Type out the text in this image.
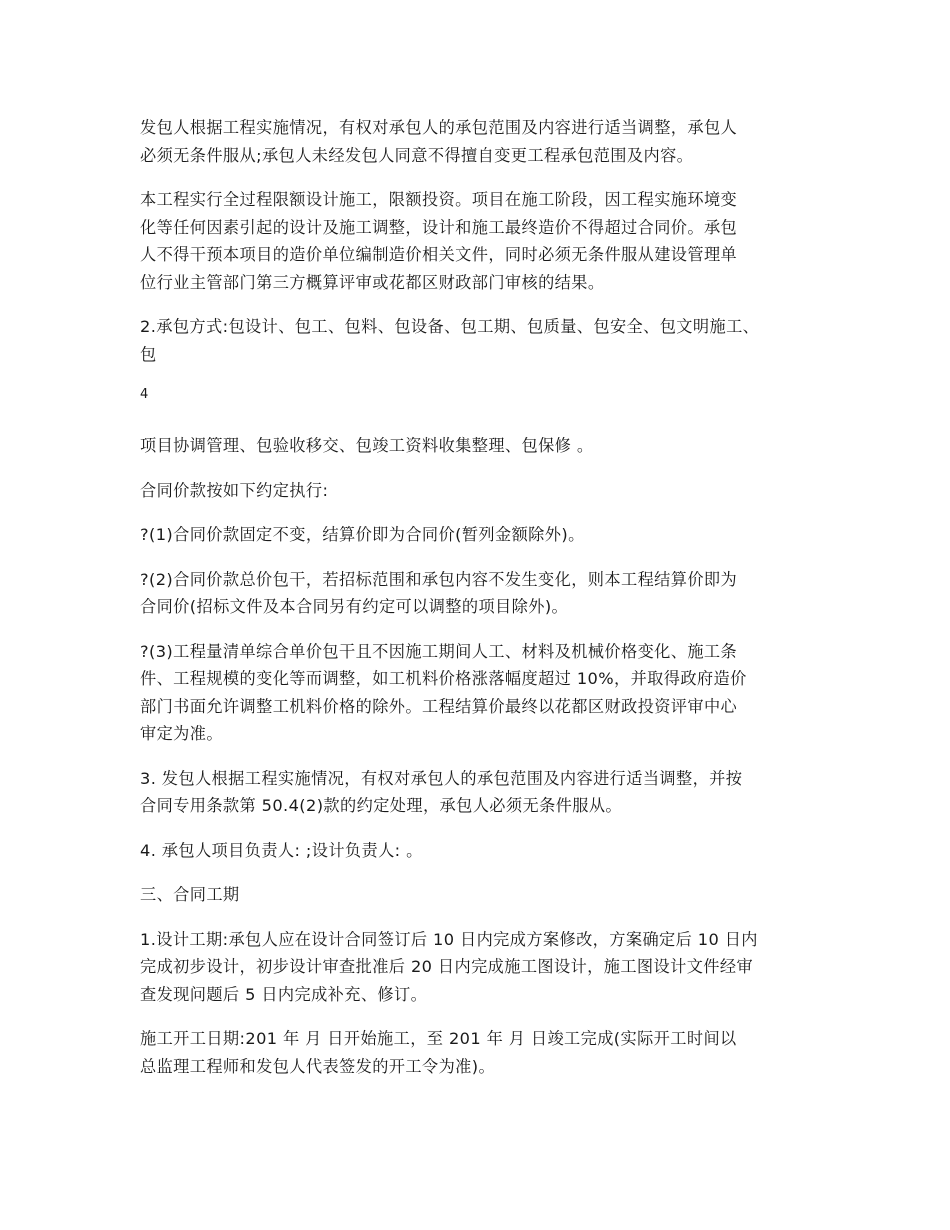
发包人根据工程实施情况，有权对承包人的承包范围及内容进行适当调整，承包人
必须无条件服从;承包人未经发包人同意不得擅自变更工程承包范围及内容。
本工程实行全过程限额设计施工，限额投资。项目在施工阶段，因工程实施环境变
化等任何因素引起的设计及施工调整，设计和施工最终造价不得超过合同价。承包
人不得干预本项目的造价单位编制造价相关文件，同时必须无条件服从建设管理单
位行业主管部门第三方概算评审或花都区财政部门审核的结果。
2.承包方式:包设计、包工、包料、包设备、包工期、包质量、包安全、包文明施工、
包
4
项目协调管理、包验收移交、包竣工资料收集整理、包保修 。
合同价款按如下约定执行:
?(1)合同价款固定不变，结算价即为合同价(暂列金额除外)。
?(2)合同价款总价包干，若招标范围和承包内容不发生变化，则本工程结算价即为
合同价(招标文件及本合同另有约定可以调整的项目除外)。
?(3)工程量清单综合单价包干且不因施工期间人工、材料及机械价格变化、施工条
件、工程规模的变化等而调整，如工机料价格涨落幅度超过 10%，并取得政府造价
部门书面允许调整工机料价格的除外。工程结算价最终以花都区财政投资评审中心
审定为准。
3. 发包人根据工程实施情况，有权对承包人的承包范围及内容进行适当调整，并按
合同专用条款第 50.4(2)款的约定处理，承包人必须无条件服从。
4. 承包人项目负责人: ;设计负责人: 。
三、合同工期
1.设计工期:承包人应在设计合同签订后 10 日内完成方案修改，方案确定后 10 日内
完成初步设计，初步设计审查批准后 20 日内完成施工图设计，施工图设计文件经审
查发现问题后 5 日内完成补充、修订。
施工开工日期:201 年 月 日开始施工，至 201 年 月 日竣工完成(实际开工时间以
总监理工程师和发包人代表签发的开工令为准)。
